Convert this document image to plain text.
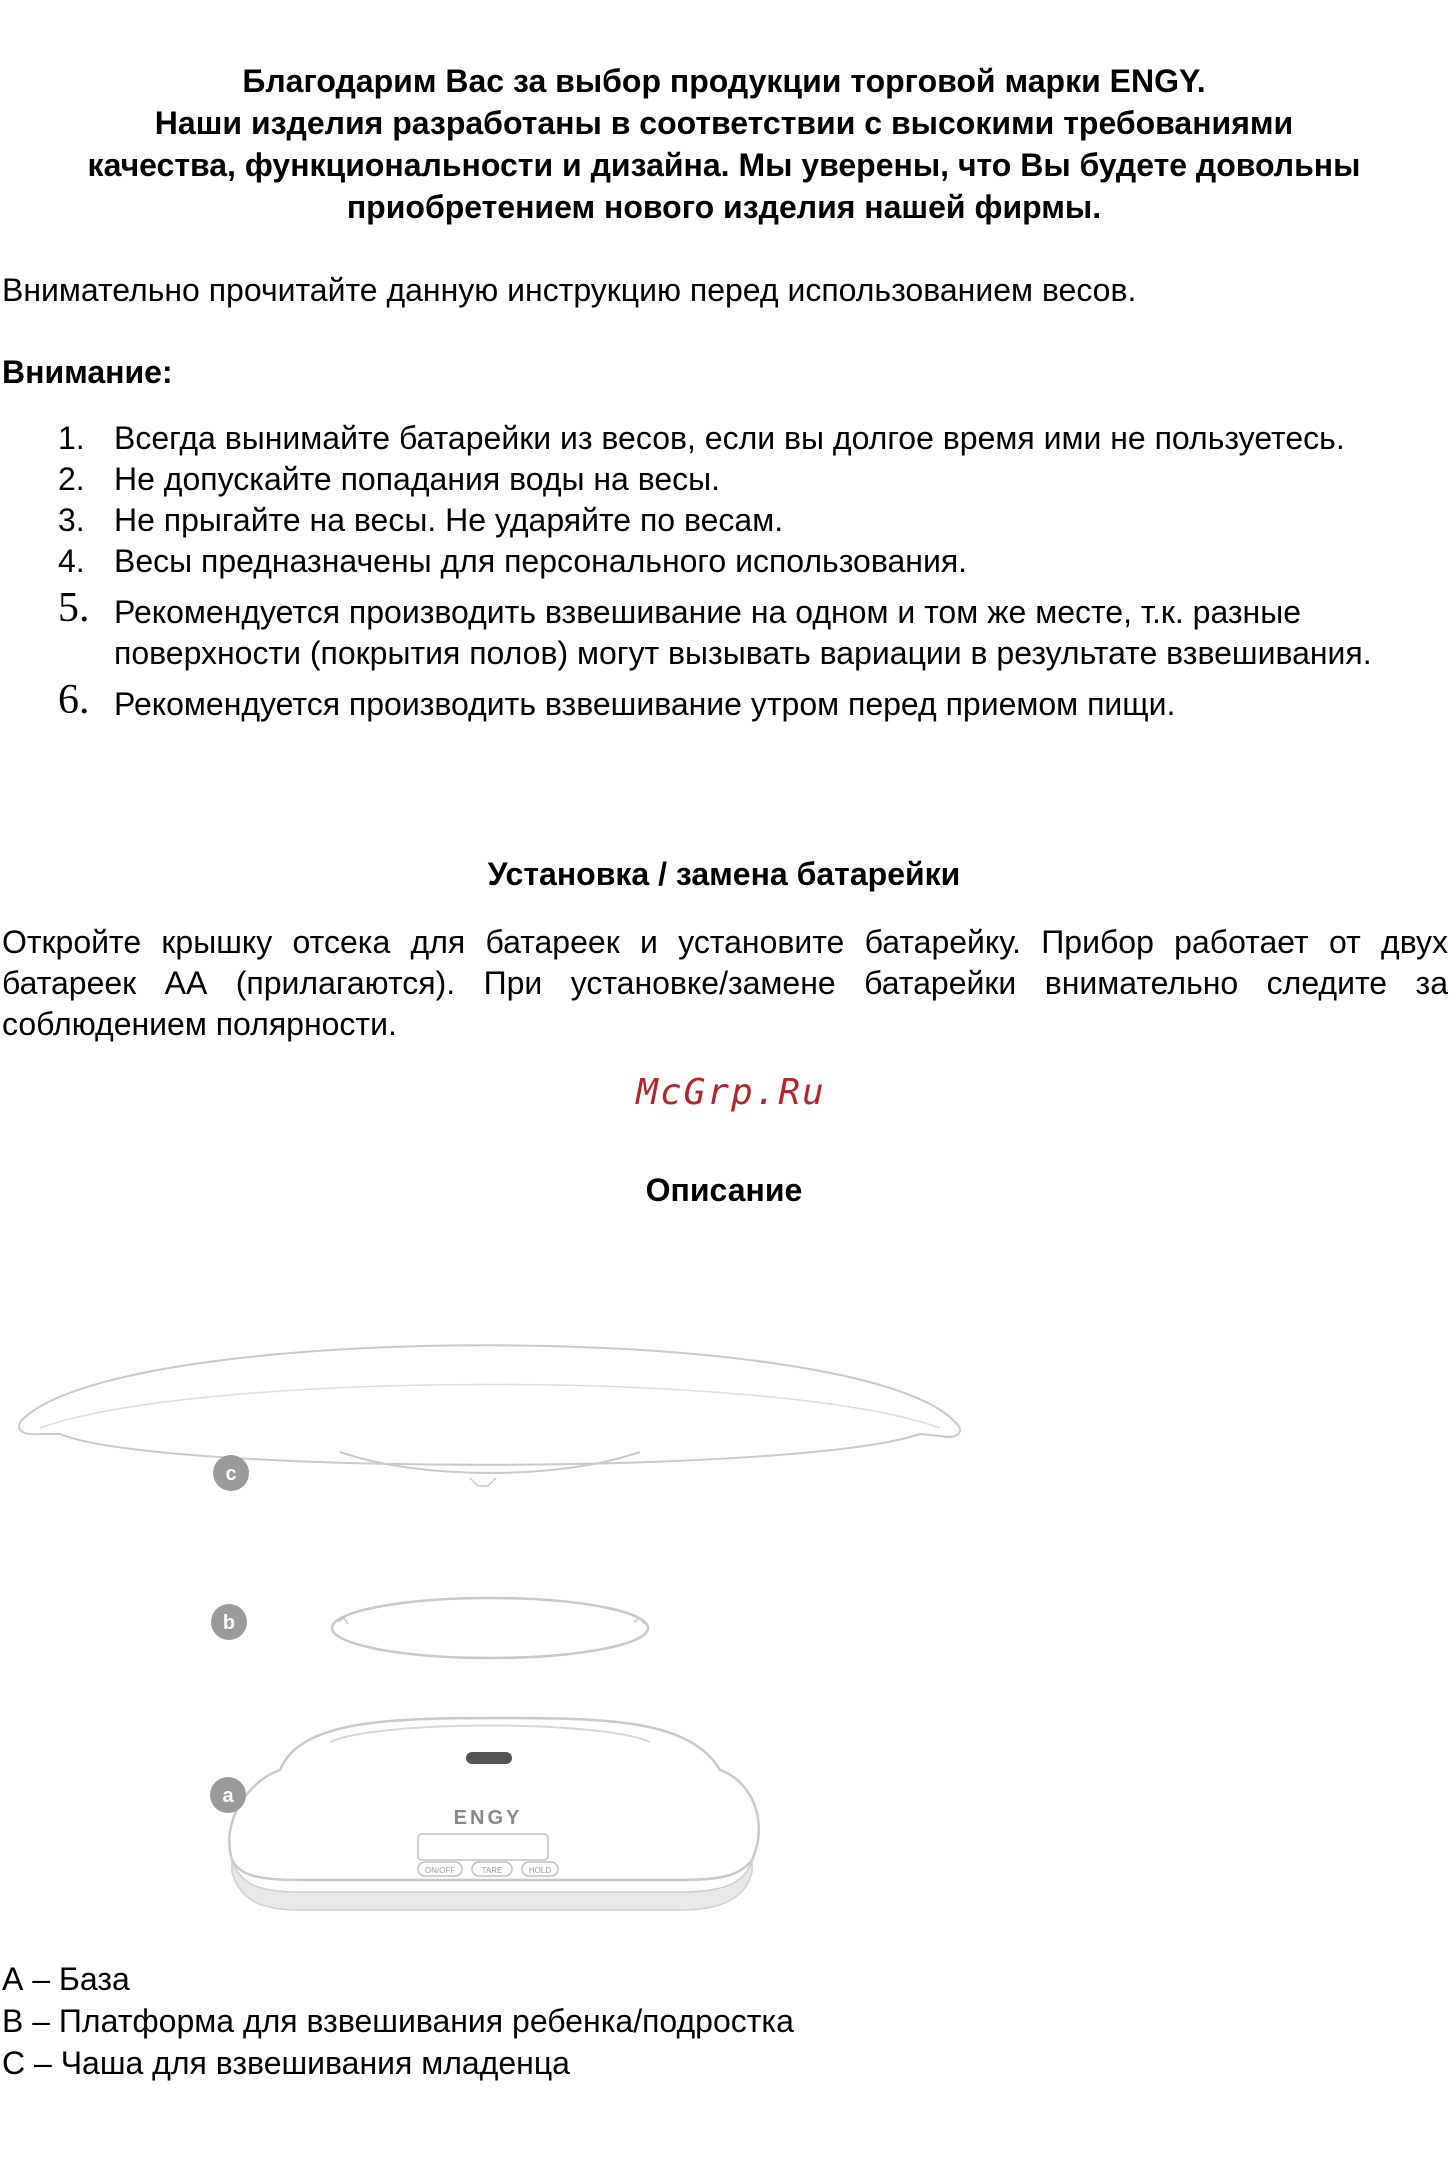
Благодарим Вас за выбор продукции торговой марки ENGY.
Наши изделия разработаны в соответствии с высокими требованиями
качества, функциональности и дизайна. Мы уверены, что Вы будете довольны
приобретением нового изделия нашей фирмы.
Внимательно прочитайте данную инструкцию перед использованием весов.
Внимание:
1. Всегда вынимайте батарейки из весов, если вы долгое время ими не пользуетесь.
2. Не допускайте попадания воды на весы.
3. Не прыгайте на весы. Не ударяйте по весам.
4. Весы предназначены для персонального использования.
5. Рекомендуется производить взвешивание на одном и том же месте, т.к. разные поверхности (покрытия полов) могут вызывать вариации в результате взвешивания.
6. Рекомендуется производить взвешивание утром перед приемом пищи.
Установка / замена батарейки
Откройте крышку отсека для батареек и установите батарейку. Прибор работает от двух батареек АА (прилагаются). При установке/замене батарейки внимательно следите за соблюдением полярности.
McGrp.Ru
Описание
c
b
ENGY
ON/OFF	TARE	HOLD
a
А – База
В – Платформа для взвешивания ребенка/подростка
С – Чаша для взвешивания младенца
